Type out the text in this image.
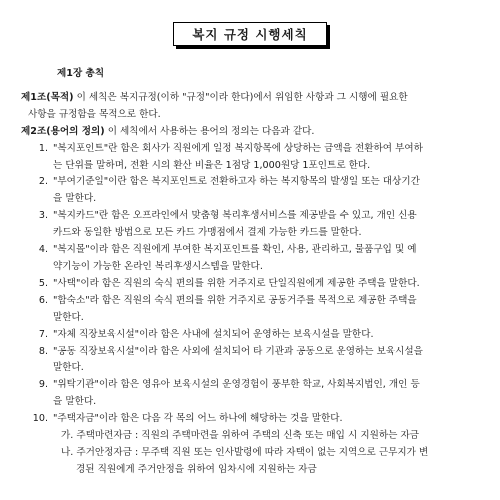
복지 규정 시행세칙
제1장 총칙
제1조(목적) 이 세칙은 복지규정(이하 "규정"이라 한다)에서 위임한 사항과 그 시행에 필요한
사항을 규정함을 목적으로 한다.
제2조(용어의 정의) 이 세칙에서 사용하는 용어의 정의는 다음과 같다.
1. "복지포인트"란 함은 회사가 직원에게 일정 복지항목에 상당하는 금액을 전환하여 부여하
는 단위를 말하며, 전환 시의 환산 비율은 1점당 1,000원당 1포인트로 한다.
2. "부여기준일"이란 함은 복지포인트로 전환하고자 하는 복지항목의 발생일 또는 대상기간
을 말한다.
3. "복지카드"란 함은 오프라인에서 맞춤형 복리후생서비스를 제공받을 수 있고, 개인 신용
카드와 동일한 방법으로 모든 카드 가맹점에서 결제 가능한 카드를 말한다.
4. "복지몰"이라 함은 직원에게 부여한 복지포인트를 확인, 사용, 관리하고, 물품구입 및 예
약기능이 가능한 온라인 복리후생시스템을 말한다.
5. "사택"이라 함은 직원의 숙식 편의를 위한 거주지로 단일직원에게 제공한 주택을 말한다.
6. "합숙소"라 함은 직원의 숙식 편의를 위한 거주지로 공동거주를 목적으로 제공한 주택을
말한다.
7. "자체 직장보육시설"이라 함은 사내에 설치되어 운영하는 보육시설을 말한다.
8. "공동 직장보육시설"이라 함은 사외에 설치되어 타 기관과 공동으로 운영하는 보육시설을
말한다.
9. "위탁기관"이라 함은 영유아 보육시설의 운영경험이 풍부한 학교, 사회복지법인, 개인 등
을 말한다.
10. "주택자금"이라 함은 다음 각 목의 어느 하나에 해당하는 것을 말한다.
가. 주택마련자금 : 직원의 주택마련을 위하여 주택의 신축 또는 매입 시 지원하는 자금
나. 주거안정자금 : 무주택 직원 또는 인사발령에 따라 자택이 없는 지역으로 근무지가 변
경된 직원에게 주거안정을 위하여 임차시에 지원하는 자금
